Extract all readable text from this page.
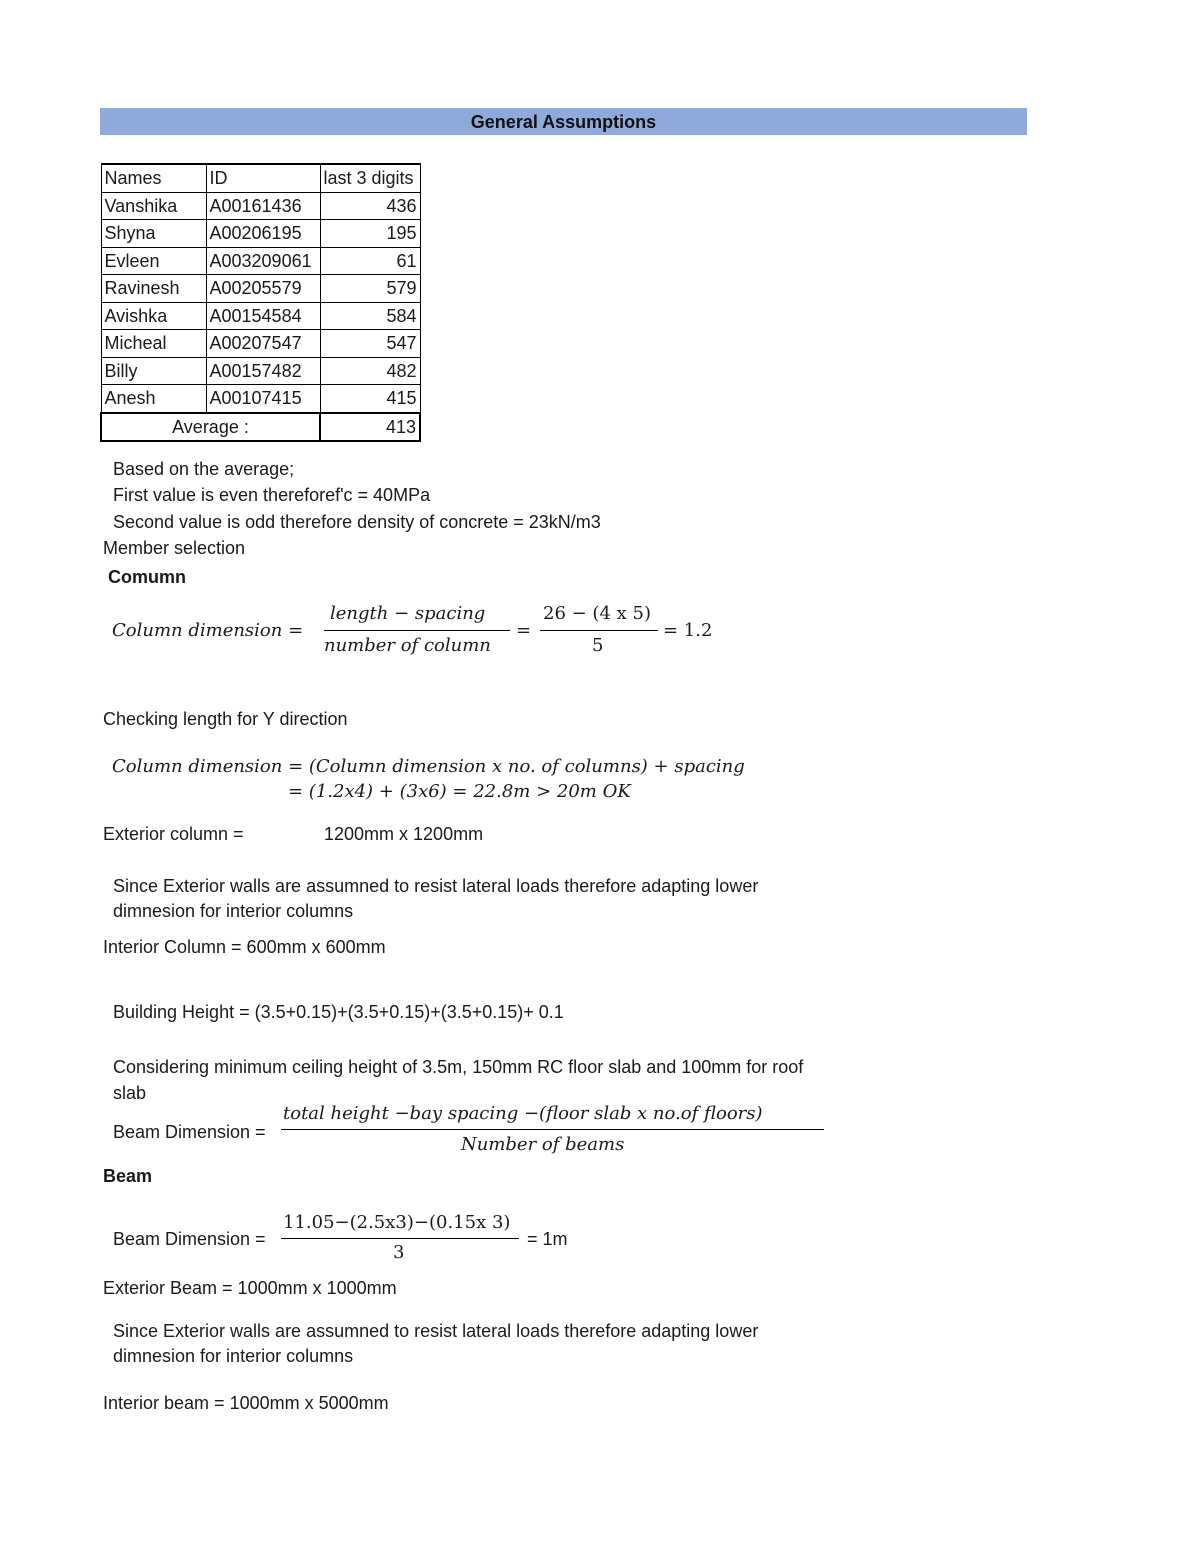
General Assumptions
Names	ID	last 3 digits
Vanshika	A00161436	436
Shyna	A00206195	195
Evleen	A003209061	61
Ravinesh	A00205579	579
Avishka	A00154584	584
Micheal	A00207547	547
Billy	A00157482	482
Anesh	A00107415	415
Average :		413
Based on the average;
First value is even thereforef'c = 40MPa
Second value is odd therefore density of concrete = 23kN/m3
Member selection
Comumn
Column dimension =
length − spacing
number of column
=
26 − (4 x 5)
5
= 1.2
Checking length for Y direction
Column dimension = (Column dimension x no. of columns) + spacing
= (1.2x4) + (3x6) = 22.8m > 20m OK
Exterior column =	1200mm x 1200mm
Since Exterior walls are assumned to resist lateral loads therefore adapting lower
dimnesion for interior columns
Interior Column = 600mm x 600mm
Building Height = (3.5+0.15)+(3.5+0.15)+(3.5+0.15)+ 0.1
Considering minimum ceiling height of 3.5m, 150mm RC floor slab and 100mm for roof
slab
Beam Dimension =
total height −bay spacing −(floor slab x no.of floors)
Number of beams
Beam
Beam Dimension =
11.05−(2.5x3)−(0.15x 3)
3
= 1m
Exterior Beam = 1000mm x 1000mm
Since Exterior walls are assumned to resist lateral loads therefore adapting lower
dimnesion for interior columns
Interior beam = 1000mm x 5000mm
